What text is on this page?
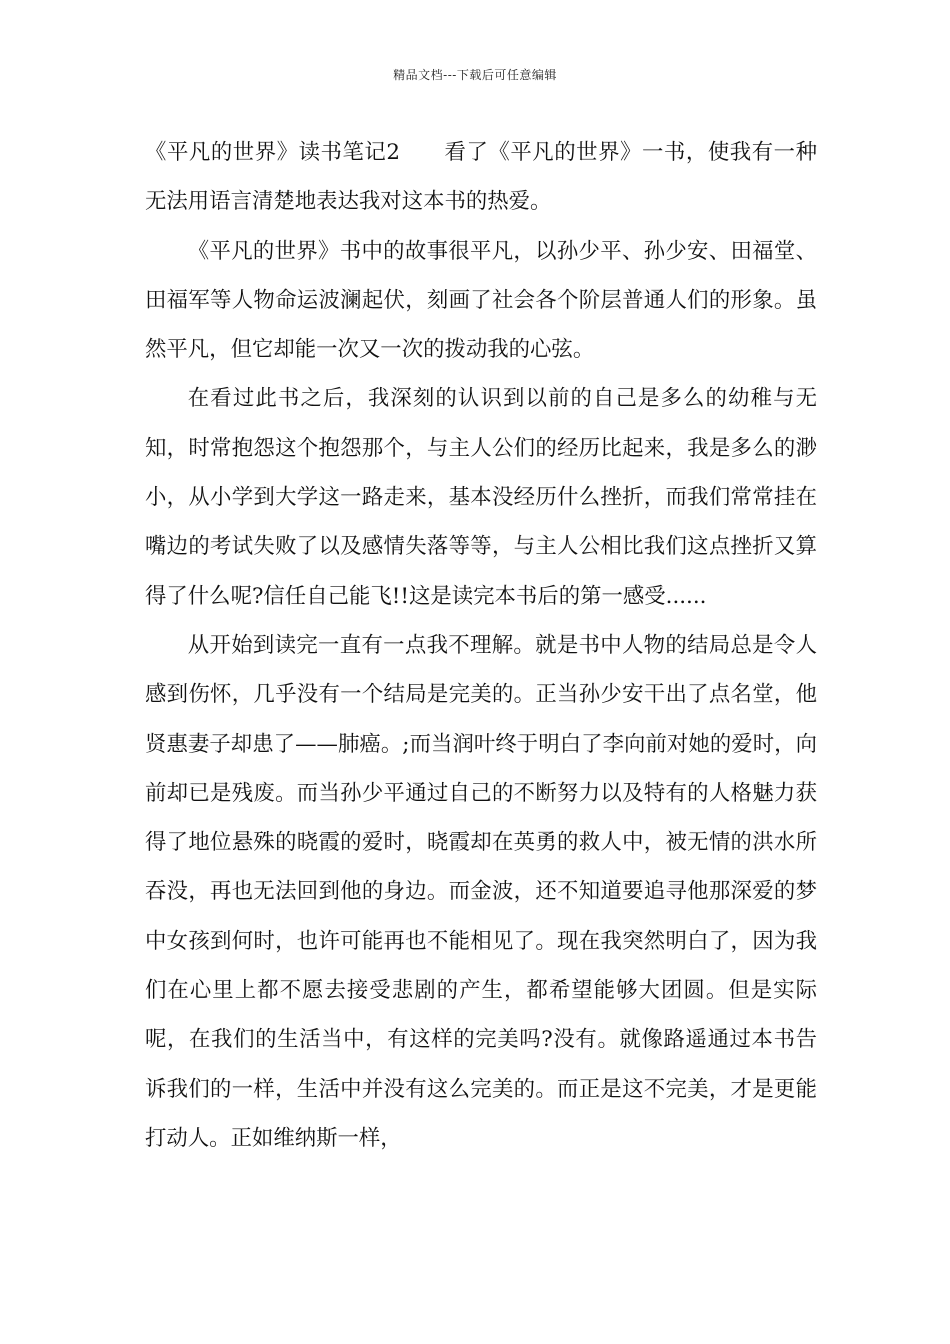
精品文档---下载后可任意编辑

《平凡的世界》读书笔记2 看了《平凡的世界》一书，使我有一种无法用语言清楚地表达我对这本书的热爱。

《平凡的世界》书中的故事很平凡，以孙少平、孙少安、田福堂、田福军等人物命运波澜起伏，刻画了社会各个阶层普通人们的形象。虽然平凡，但它却能一次又一次的拨动我的心弦。

在看过此书之后，我深刻的认识到以前的自己是多么的幼稚与无知，时常抱怨这个抱怨那个，与主人公们的经历比起来，我是多么的渺小，从小学到大学这一路走来，基本没经历什么挫折，而我们常常挂在嘴边的考试失败了以及感情失落等等，与主人公相比我们这点挫折又算得了什么呢?信任自己能飞!!这是读完本书后的第一感受......

从开始到读完一直有一点我不理解。就是书中人物的结局总是令人感到伤怀，几乎没有一个结局是完美的。正当孙少安干出了点名堂，他贤惠妻子却患了——肺癌。;而当润叶终于明白了李向前对她的爱时，向前却已是残废。而当孙少平通过自己的不断努力以及特有的人格魅力获得了地位悬殊的晓霞的爱时，晓霞却在英勇的救人中，被无情的洪水所吞没，再也无法回到他的身边。而金波，还不知道要追寻他那深爱的梦中女孩到何时，也许可能再也不能相见了。现在我突然明白了，因为我们在心里上都不愿去接受悲剧的产生，都希望能够大团圆。但是实际呢，在我们的生活当中，有这样的完美吗?没有。就像路遥通过本书告诉我们的一样，生活中并没有这么完美的。而正是这不完美，才是更能打动人。正如维纳斯一样，
